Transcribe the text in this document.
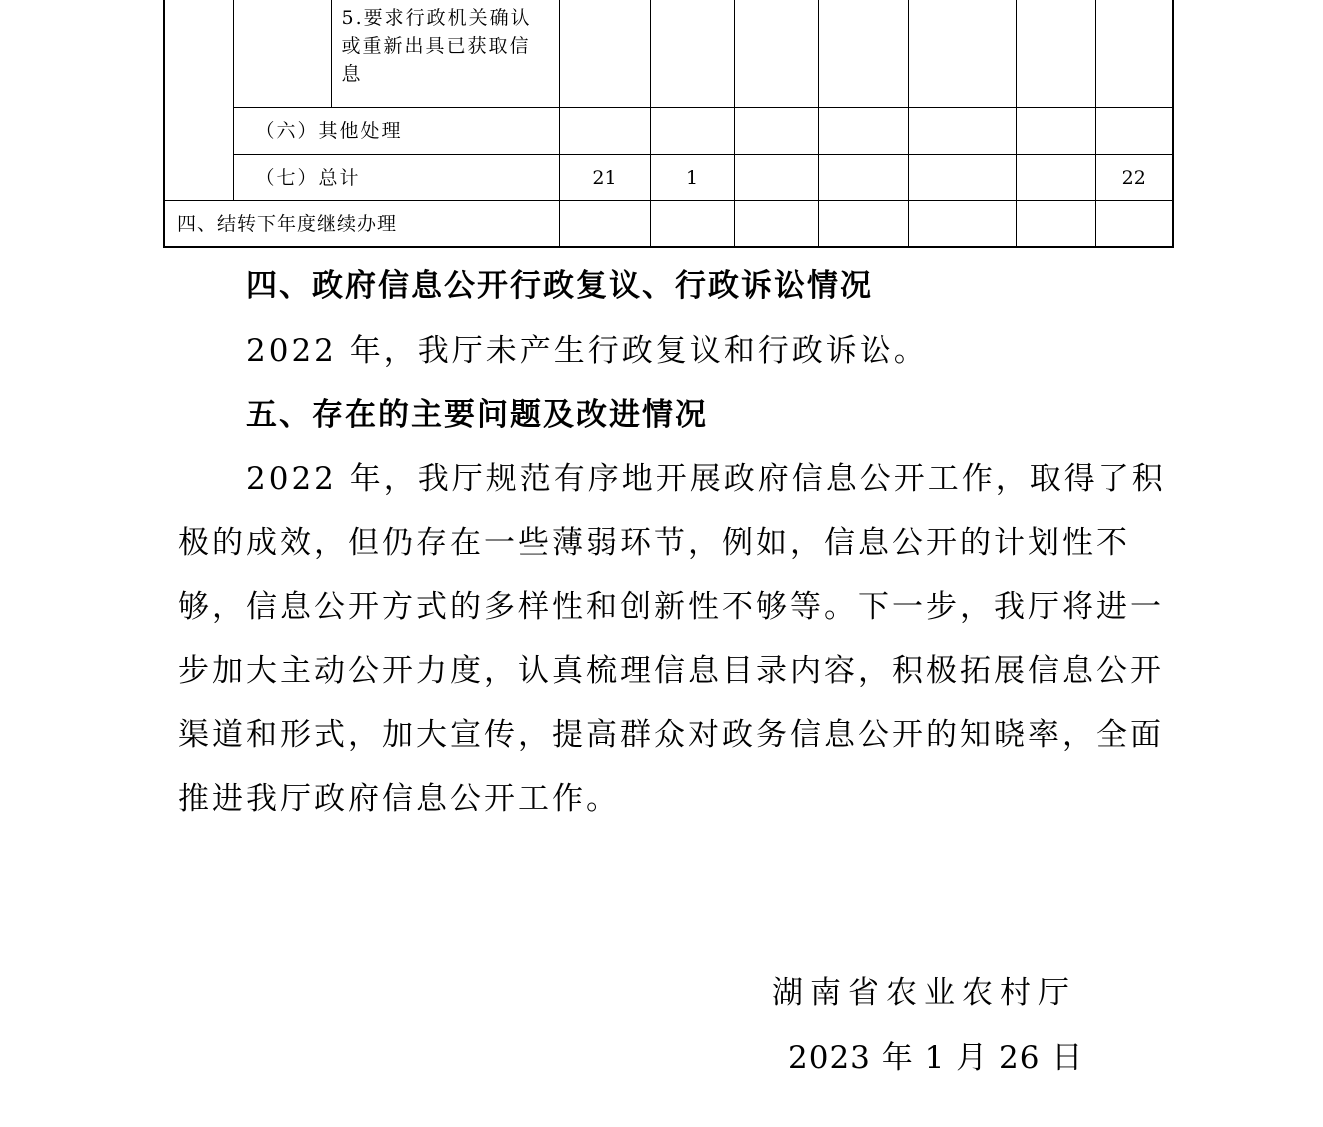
		5.要求行政机关确认或重新出具已获取信息							
	（六）其他处理								
	（七）总计		21	1					22
四、结转下年度继续办理									
四、政府信息公开行政复议、行政诉讼情况
2022 年，我厅未产生行政复议和行政诉讼。
五、存在的主要问题及改进情况

2022 年，我厅规范有序地开展政府信息公开工作，取得了积极的成效，但仍存在一些薄弱环节，例如，信息公开的计划性不够，信息公开方式的多样性和创新性不够等。下一步，我厅将进一步加大主动公开力度，认真梳理信息目录内容，积极拓展信息公开渠道和形式，加大宣传，提高群众对政务信息公开的知晓率，全面推进我厅政府信息公开工作。

湖南省农业农村厅
2023 年 1 月 26 日
